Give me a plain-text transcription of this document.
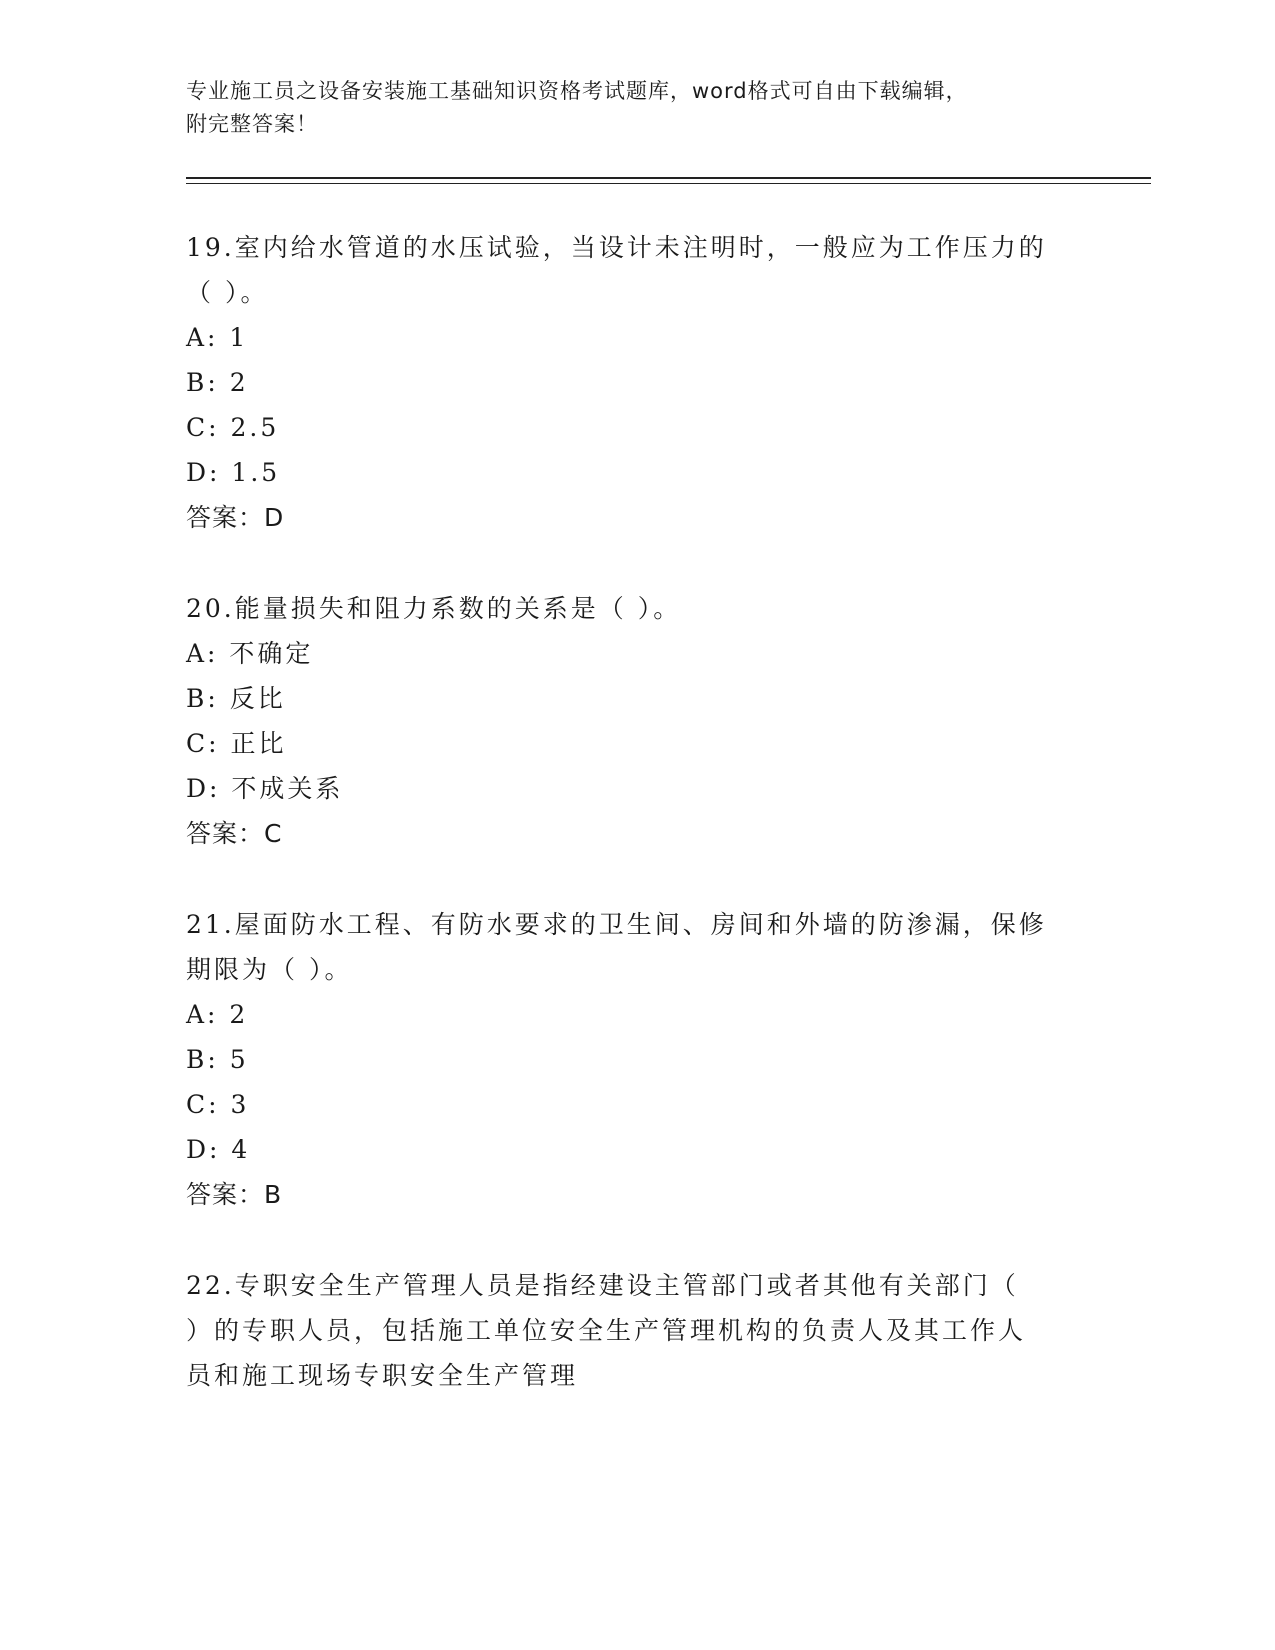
专业施工员之设备安装施工基础知识资格考试题库，word格式可自由下载编辑，
附完整答案！
19.室内给水管道的水压试验，当设计未注明时，一般应为工作压力的
（ ）。
A: 1
B: 2
C: 2.5
D: 1.5
答案：D
20.能量损失和阻力系数的关系是（ ）。
A: 不确定
B: 反比
C: 正比
D: 不成关系
答案：C
21.屋面防水工程、有防水要求的卫生间、房间和外墙的防渗漏，保修
期限为（ ）。
A: 2
B: 5
C: 3
D: 4
答案：B
22.专职安全生产管理人员是指经建设主管部门或者其他有关部门（
）的专职人员，包括施工单位安全生产管理机构的负责人及其工作人
员和施工现场专职安全生产管理
